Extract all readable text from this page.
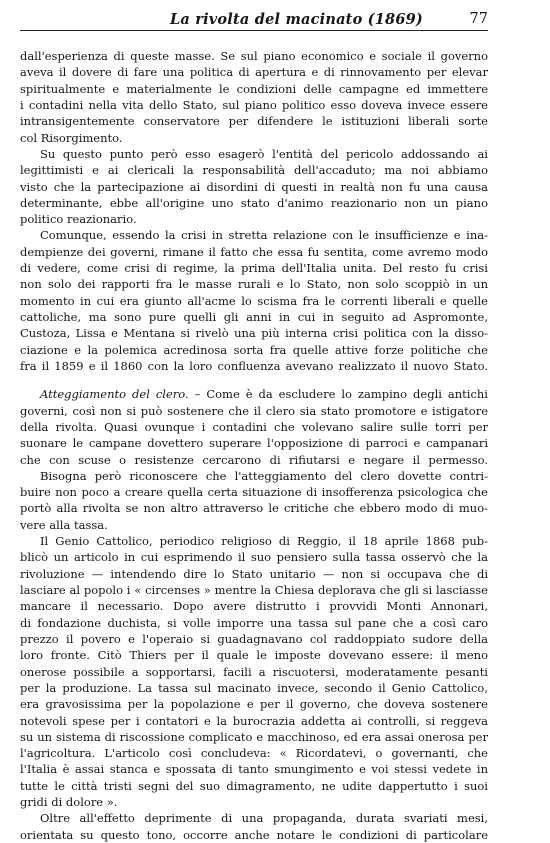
La rivolta del macinato (1869)	77
dall'esperienza di queste masse. Se sul piano economico e sociale il governo
aveva il dovere di fare una politica di apertura e di rinnovamento per elevar
spiritualmente e materialmente le condizioni delle campagne ed immettere
i contadini nella vita dello Stato, sul piano politico esso doveva invece essere
intransigentemente conservatore per difendere le istituzioni liberali sorte
col Risorgimento.
Su questo punto però esso esagerò l'entità del pericolo addossando ai
legittimisti e ai clericali la responsabilità dell'accaduto; ma noi abbiamo
visto che la partecipazione ai disordini di questi in realtà non fu una causa
determinante, ebbe all'origine uno stato d'animo reazionario non un piano
politico reazionario.
Comunque, essendo la crisi in stretta relazione con le insufficienze e ina-
dempienze dei governi, rimane il fatto che essa fu sentita, come avremo modo
di vedere, come crisi di regime, la prima dell'Italia unita. Del resto fu crisi
non solo dei rapporti fra le masse rurali e lo Stato, non solo scoppiò in un
momento in cui era giunto all'acme lo scisma fra le correnti liberali e quelle
cattoliche, ma sono pure quelli gli anni in cui in seguito ad Aspromonte,
Custoza, Lissa e Mentana si rivelò una più interna crisi politica con la disso-
ciazione e la polemica acredinosa sorta fra quelle attive forze politiche che
fra il 1859 e il 1860 con la loro confluenza avevano realizzato il nuovo Stato.
Atteggiamento del clero. – Come è da escludere lo zampino degli antichi
governi, così non si può sostenere che il clero sia stato promotore e istigatore
della rivolta. Quasi ovunque i contadini che volevano salire sulle torri per
suonare le campane dovettero superare l'opposizione di parroci e campanari
che con scuse o resistenze cercarono di rifiutarsi e negare il permesso.
Bisogna però riconoscere che l'atteggiamento del clero dovette contri-
buire non poco a creare quella certa situazione di insofferenza psicologica che
portò alla rivolta se non altro attraverso le critiche che ebbero modo di muo-
vere alla tassa.
Il Genio Cattolico, periodico religioso di Reggio, il 18 aprile 1868 pub-
blicò un articolo in cui esprimendo il suo pensiero sulla tassa osservò che la
rivoluzione — intendendo dire lo Stato unitario — non si occupava che di
lasciare al popolo i « circenses » mentre la Chiesa deplorava che gli si lasciasse
mancare il necessario. Dopo avere distrutto i provvidi Monti Annonari,
di fondazione duchista, si volle imporre una tassa sul pane che a così caro
prezzo il povero e l'operaio si guadagnavano col raddoppiato sudore della
loro fronte. Citò Thiers per il quale le imposte dovevano essere: il meno
onerose possibile a sopportarsi, facili a riscuotersi, moderatamente pesanti
per la produzione. La tassa sul macinato invece, secondo il Genio Cattolico,
era gravosissima per la popolazione e per il governo, che doveva sostenere
notevoli spese per i contatori e la burocrazia addetta ai controlli, si reggeva
su un sistema di riscossione complicato e macchinoso, ed era assai onerosa per
l'agricoltura. L'articolo così concludeva: « Ricordatevi, o governanti, che
l'Italia è assai stanca e spossata di tanto smungimento e voi stessi vedete in
tutte le città tristi segni del suo dimagramento, ne udite dappertutto i suoi
gridi di dolore ».
Oltre all'effetto deprimente di una propaganda, durata svariati mesi,
orientata su questo tono, occorre anche notare le condizioni di particolare
